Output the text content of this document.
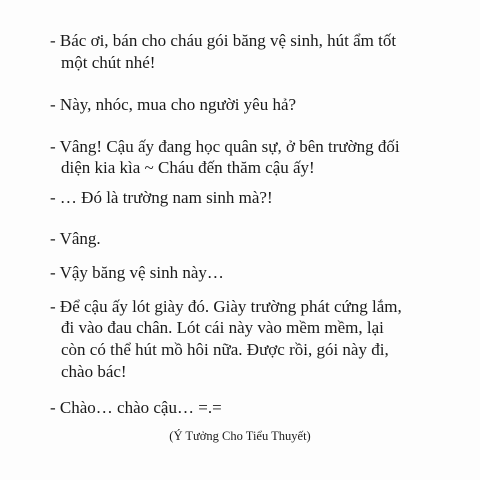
- Bác ơi, bán cho cháu gói băng vệ sinh, hút ẩm tốt
một chút nhé!
- Này, nhóc, mua cho người yêu hả?
- Vâng! Cậu ấy đang học quân sự, ở bên trường đối
diện kia kìa ~ Cháu đến thăm cậu ấy!
- … Đó là trường nam sinh mà?!
- Vâng.
- Vậy băng vệ sinh này…
- Để cậu ấy lót giày đó. Giày trường phát cứng lắm,
đi vào đau chân. Lót cái này vào mềm mềm, lại
còn có thể hút mồ hôi nữa. Được rồi, gói này đi,
chào bác!
- Chào… chào cậu… =.=
(Ý Tưởng Cho Tiểu Thuyết)
